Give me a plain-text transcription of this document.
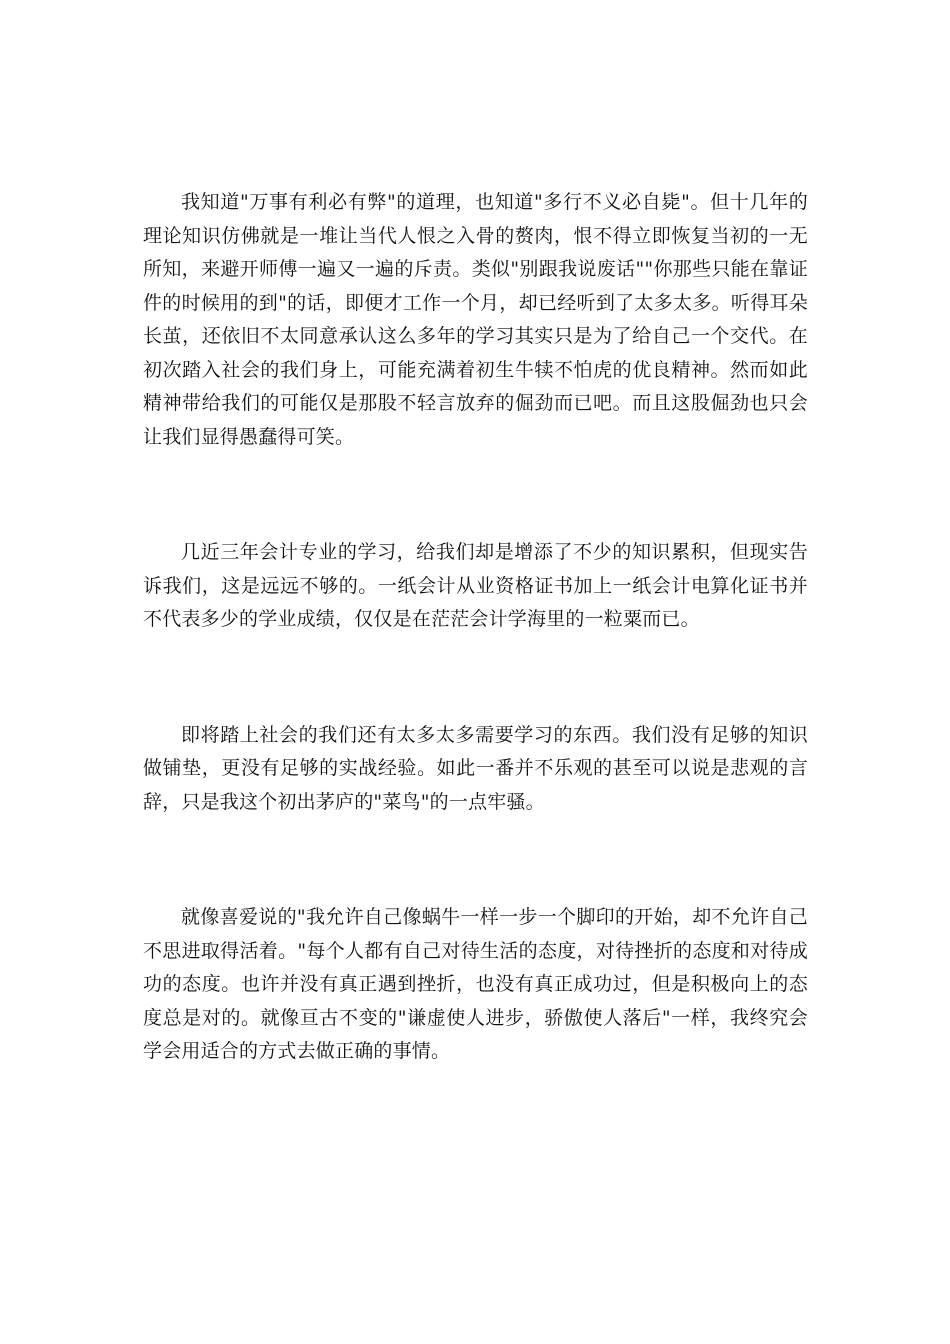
我知道"万事有利必有弊"的道理，也知道"多行不义必自毙"。但十几年的理论知识仿佛就是一堆让当代人恨之入骨的赘肉，恨不得立即恢复当初的一无所知，来避开师傅一遍又一遍的斥责。类似"别跟我说废话""你那些只能在靠证件的时候用的到"的话，即便才工作一个月，却已经听到了太多太多。听得耳朵长茧，还依旧不太同意承认这么多年的学习其实只是为了给自己一个交代。在初次踏入社会的我们身上，可能充满着初生牛犊不怕虎的优良精神。然而如此精神带给我们的可能仅是那股不轻言放弃的倔劲而已吧。而且这股倔劲也只会让我们显得愚蠢得可笑。

几近三年会计专业的学习，给我们却是增添了不少的知识累积，但现实告诉我们，这是远远不够的。一纸会计从业资格证书加上一纸会计电算化证书并不代表多少的学业成绩，仅仅是在茫茫会计学海里的一粒粟而已。

即将踏上社会的我们还有太多太多需要学习的东西。我们没有足够的知识做铺垫，更没有足够的实战经验。如此一番并不乐观的甚至可以说是悲观的言辞，只是我这个初出茅庐的"菜鸟"的一点牢骚。

就像喜爱说的"我允许自己像蜗牛一样一步一个脚印的开始，却不允许自己不思进取得活着。"每个人都有自己对待生活的态度，对待挫折的态度和对待成功的态度。也许并没有真正遇到挫折，也没有真正成功过，但是积极向上的态度总是对的。就像亘古不变的"谦虚使人进步，骄傲使人落后"一样，我终究会学会用适合的方式去做正确的事情。
